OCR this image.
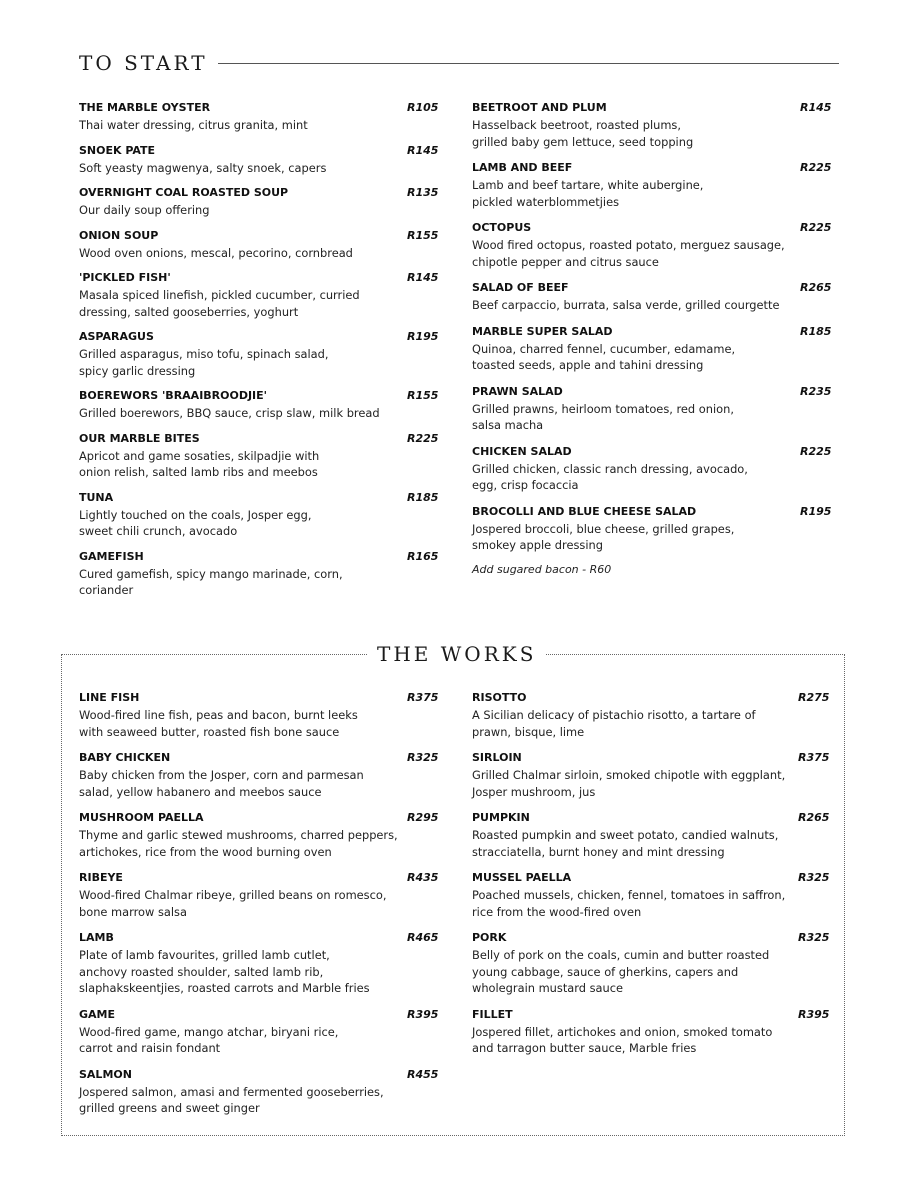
TO START
THE MARBLE OYSTER	R105
Thai water dressing, citrus granita, mint
SNOEK PATE	R145
Soft yeasty magwenya, salty snoek, capers
OVERNIGHT COAL ROASTED SOUP	R135
Our daily soup offering
ONION SOUP	R155
Wood oven onions, mescal, pecorino, cornbread
'PICKLED FISH'	R145
Masala spiced linefish, pickled cucumber, curried
dressing, salted gooseberries, yoghurt
ASPARAGUS	R195
Grilled asparagus, miso tofu, spinach salad,
spicy garlic dressing
BOEREWORS 'BRAAIBROODJIE'	R155
Grilled boerewors, BBQ sauce, crisp slaw, milk bread
OUR MARBLE BITES	R225
Apricot and game sosaties, skilpadjie with
onion relish, salted lamb ribs and meebos
TUNA	R185
Lightly touched on the coals, Josper egg,
sweet chili crunch, avocado
GAMEFISH	R165
Cured gamefish, spicy mango marinade, corn,
coriander
BEETROOT AND PLUM	R145
Hasselback beetroot, roasted plums,
grilled baby gem lettuce, seed topping
LAMB AND BEEF	R225
Lamb and beef tartare, white aubergine,
pickled waterblommetjies
OCTOPUS	R225
Wood fired octopus, roasted potato, merguez sausage,
chipotle pepper and citrus sauce
SALAD OF BEEF	R265
Beef carpaccio, burrata, salsa verde, grilled courgette
MARBLE SUPER SALAD	R185
Quinoa, charred fennel, cucumber, edamame,
toasted seeds, apple and tahini dressing
PRAWN SALAD	R235
Grilled prawns, heirloom tomatoes, red onion,
salsa macha
CHICKEN SALAD	R225
Grilled chicken, classic ranch dressing, avocado,
egg, crisp focaccia
BROCOLLI AND BLUE CHEESE SALAD	R195
Jospered broccoli, blue cheese, grilled grapes,
smokey apple dressing
Add sugared bacon - R60
THE WORKS
LINE FISH	R375
Wood-fired line fish, peas and bacon, burnt leeks
with seaweed butter, roasted fish bone sauce
BABY CHICKEN	R325
Baby chicken from the Josper, corn and parmesan
salad, yellow habanero and meebos sauce
MUSHROOM PAELLA	R295
Thyme and garlic stewed mushrooms, charred peppers,
artichokes, rice from the wood burning oven
RIBEYE	R435
Wood-fired Chalmar ribeye, grilled beans on romesco,
bone marrow salsa
LAMB	R465
Plate of lamb favourites, grilled lamb cutlet,
anchovy roasted shoulder, salted lamb rib,
slaphakskeentjies, roasted carrots and Marble fries
GAME	R395
Wood-fired game, mango atchar, biryani rice,
carrot and raisin fondant
SALMON	R455
Jospered salmon, amasi and fermented gooseberries,
grilled greens and sweet ginger
RISOTTO	R275
A Sicilian delicacy of pistachio risotto, a tartare of
prawn, bisque, lime
SIRLOIN	R375
Grilled Chalmar sirloin, smoked chipotle with eggplant,
Josper mushroom, jus
PUMPKIN	R265
Roasted pumpkin and sweet potato, candied walnuts,
stracciatella, burnt honey and mint dressing
MUSSEL PAELLA	R325
Poached mussels, chicken, fennel, tomatoes in saffron,
rice from the wood-fired oven
PORK	R325
Belly of pork on the coals, cumin and butter roasted
young cabbage, sauce of gherkins, capers and
wholegrain mustard sauce
FILLET	R395
Jospered fillet, artichokes and onion, smoked tomato
and tarragon butter sauce, Marble fries
